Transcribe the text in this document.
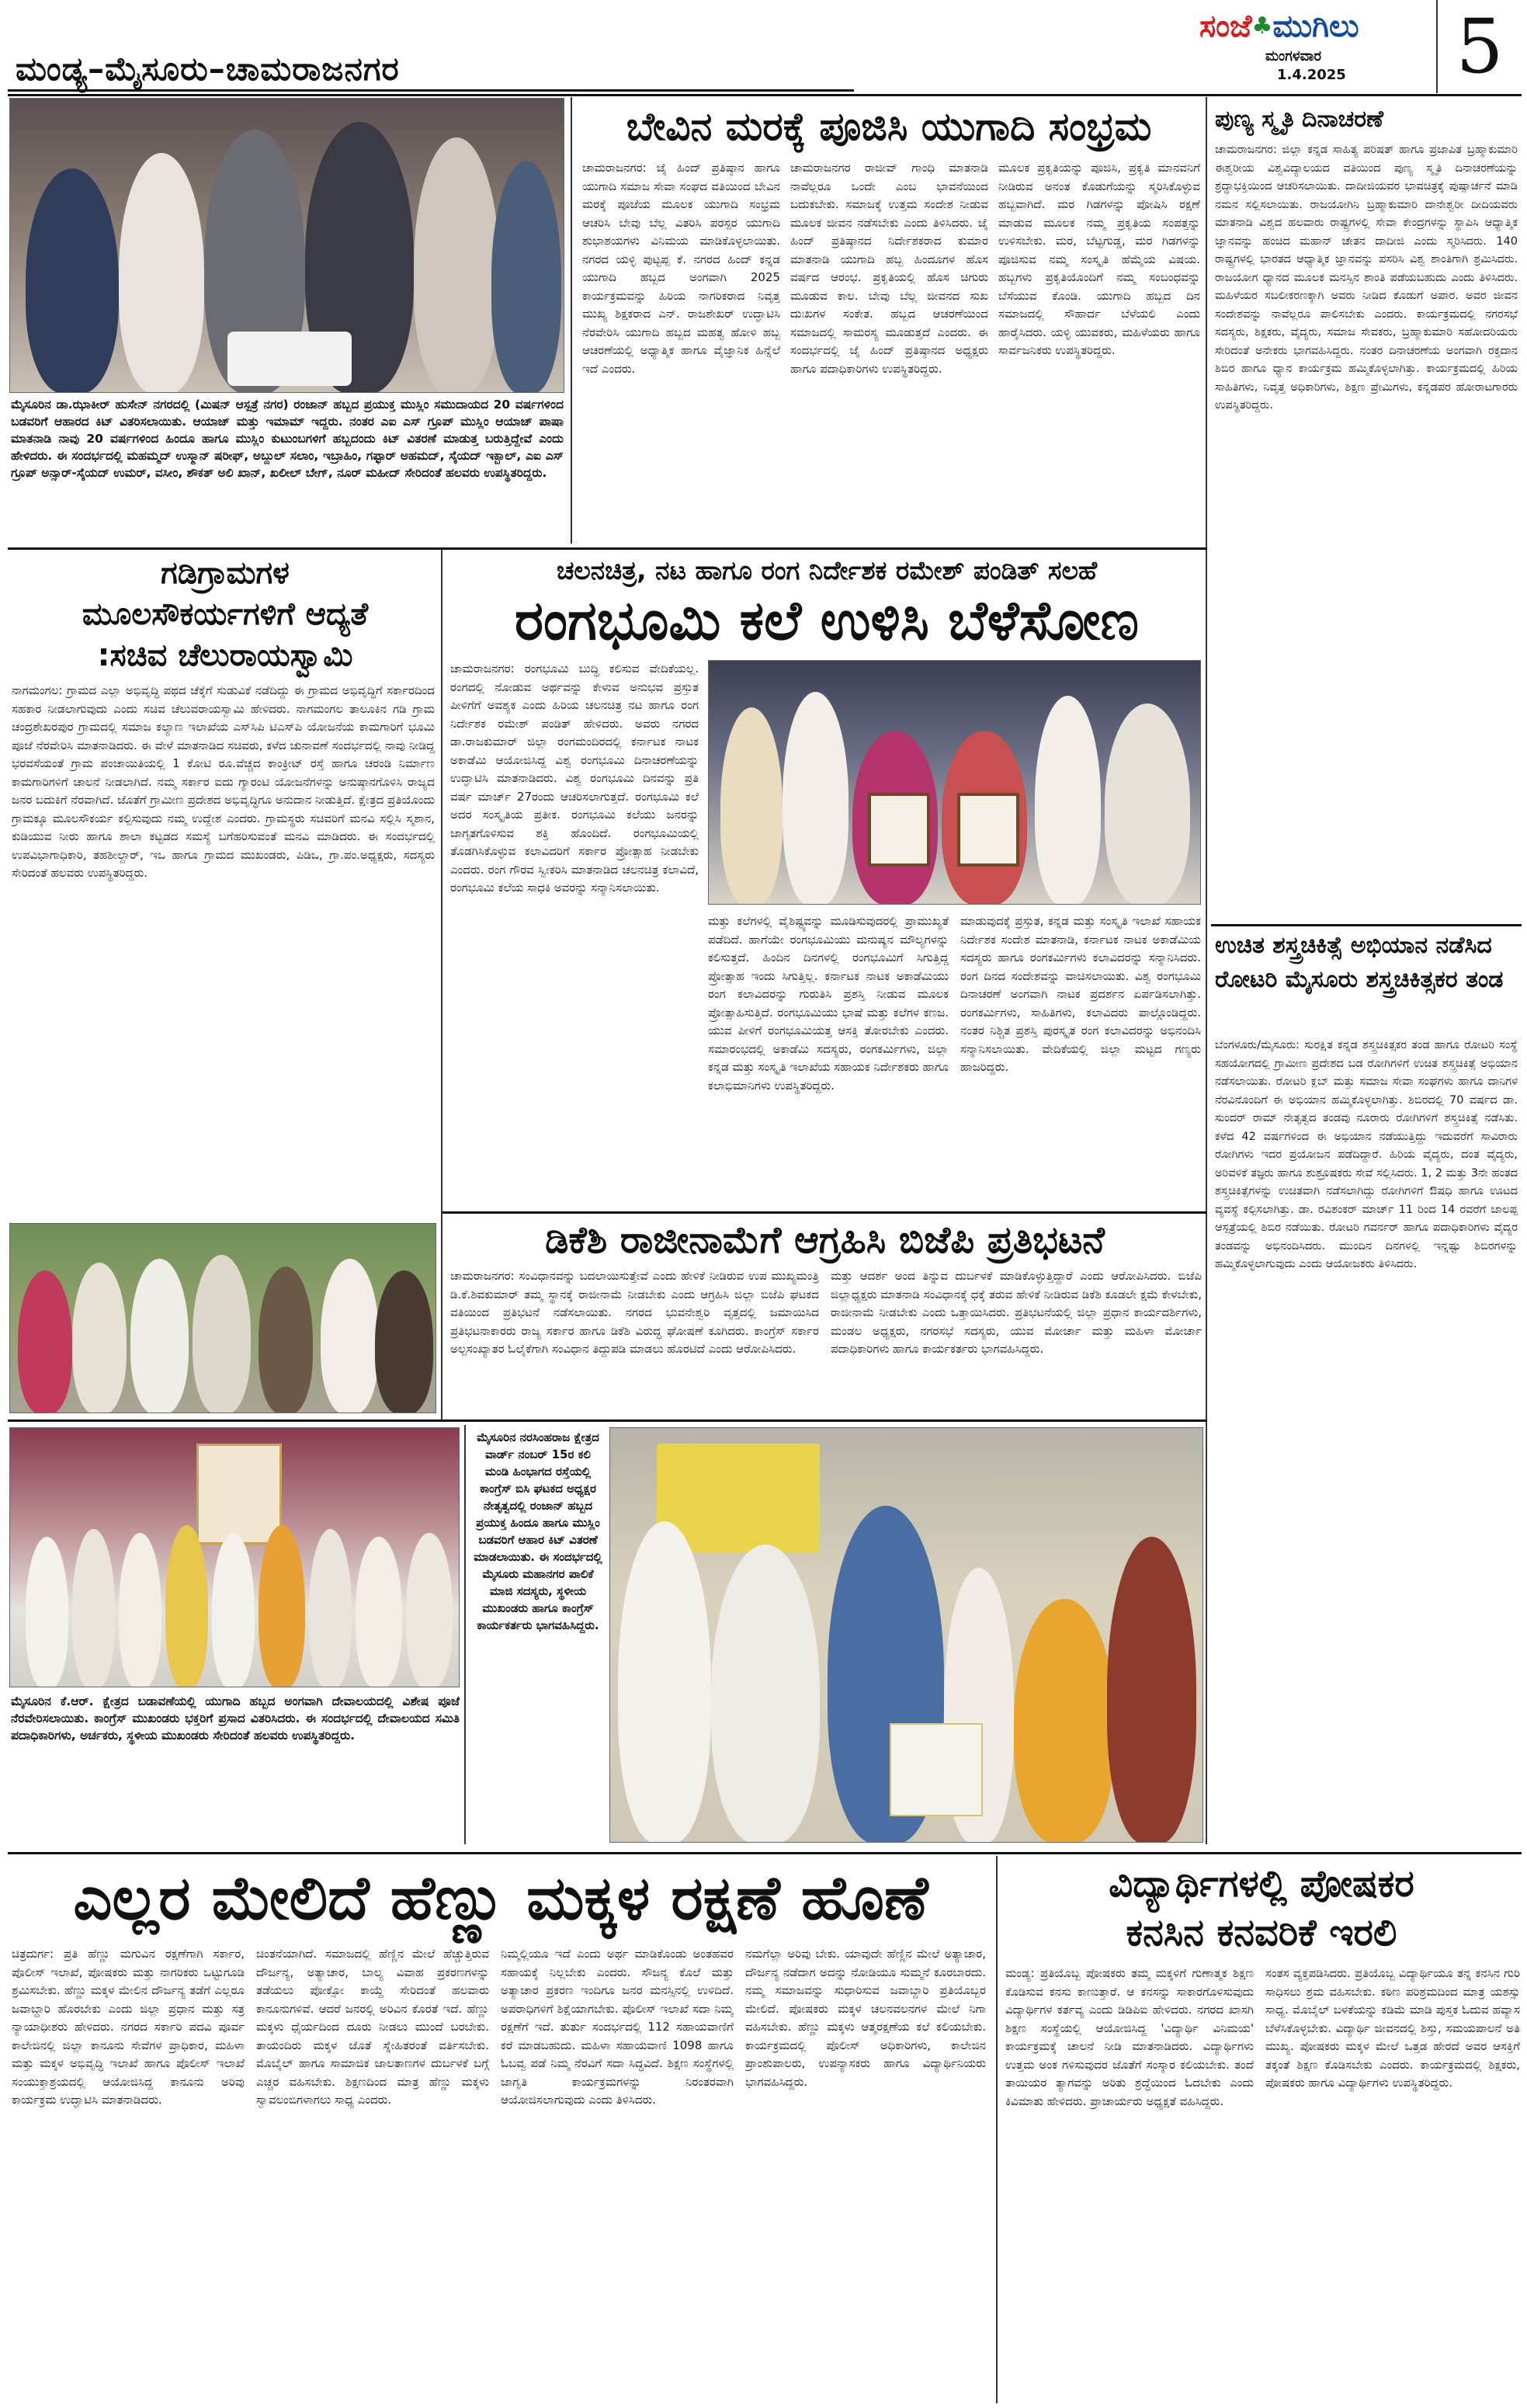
ಮಂಡ್ಯ–ಮೈಸೂರು–ಚಾಮರಾಜನಗರ
ಸಂಜೆ♣ಮುಗಿಲು
ಮಂಗಳವಾರ
1.4.2025 5
ಮೈಸೂರಿನ ಡಾ.ಝಾಕೀರ್ ಹುಸೇನ್ ನಗರದಲ್ಲಿ (ಮಿಷನ್ ಆಸ್ಪತ್ರೆ ನಗರ) ರಂಜಾನ್ ಹಬ್ಬದ ಪ್ರಯುಕ್ತ ಮುಸ್ಲಿಂ ಸಮುದಾಯದ 20 ವರ್ಷಗಳಿಂದ ಬಡವರಿಗೆ ಆಹಾರದ ಕಿಟ್ ವಿತರಿಸಲಾಯಿತು. ಆಯಾಜ್ ಮತ್ತು ಇಮಾಮ್ ಇದ್ದರು. ನಂತರ ಎಐ ಎಸ್ ಗ್ರೂಪ್ ಮುಸ್ಲಿಂ ಆಯಾಜ್ ಪಾಷಾ ಮಾತನಾಡಿ ನಾವು 20 ವರ್ಷಗಳಿಂದ ಹಿಂದೂ ಹಾಗೂ ಮುಸ್ಲಿಂ ಕುಟುಂಬಗಳಿಗೆ ಹಬ್ಬದಂದು ಕಿಟ್ ವಿತರಣೆ ಮಾಡುತ್ತ ಬರುತ್ತಿದ್ದೇವೆ ಎಂದು ಹೇಳಿದರು. ಈ ಸಂದರ್ಭದಲ್ಲಿ ಮಹಮ್ಮದ್ ಉಸ್ಮಾನ್ ಷರೀಫ್, ಅಬ್ದುಲ್ ಸಲಾಂ, ಇಬ್ರಾಹಿಂ, ಗಫ್ಫಾರ್ ಅಹಮದ್, ಸೈಯದ್ ಇಕ್ಬಾಲ್, ಎಐ ಎಸ್ ಗ್ರೂಪ್ ಅನ್ಸಾರ್-ಸೈಯದ್ ಉಮರ್, ವಸೀಂ, ಶೌಕತ್ ಅಲಿ ಖಾನ್, ಖಲೀಲ್ ಬೇಗ್, ನೂರ್ ಮಹೀದ್ ಸೇರಿದಂತೆ ಹಲವರು ಉಪಸ್ಥಿತರಿದ್ದರು.
ಬೇವಿನ ಮರಕ್ಕೆ ಪೂಜಿಸಿ ಯುಗಾದಿ ಸಂಭ್ರಮ
ಚಾಮರಾಜನಗರ: ಜೈ ಹಿಂದ್ ಪ್ರತಿಷ್ಠಾನ ಹಾಗೂ ಯುಗಾದಿ ಸಮಾಜ ಸೇವಾ ಸಂಘದ ವತಿಯಿಂದ ಬೇವಿನ ಮರಕ್ಕೆ ಪೂಜೆಯ ಮೂಲಕ ಯುಗಾದಿ ಸಂಭ್ರಮ ಆಚರಿಸಿ ಬೇವು ಬೆಲ್ಲ ವಿತರಿಸಿ ಪರಸ್ಪರ ಯುಗಾದಿ ಶುಭಾಶಯಗಳು ವಿನಿಮಯ ಮಾಡಿಕೊಳ್ಳಲಾಯಿತು. ನಗರದ ಯಳ್ಳಿ ಪುಟ್ಟಪ್ಪ ಕೆ. ನಗರದ ಹಿಂದ್ ಕನ್ನಡ ಯುಗಾದಿ ಹಬ್ಬದ ಅಂಗವಾಗಿ 2025 ಕಾರ್ಯಕ್ರಮವನ್ನು ಹಿರಿಯ ನಾಗರಿಕರಾದ ನಿವೃತ್ತ ಮುಖ್ಯ ಶಿಕ್ಷಕರಾದ ಎನ್. ರಾಜಶೇಖರ್ ಉದ್ಘಾಟಿಸಿ ನೆರವೇರಿಸಿ ಯುಗಾದಿ ಹಬ್ಬದ ಮಹತ್ವ ಹೋಳಿ ಹಬ್ಬ ಆಚರಣೆಯಲ್ಲಿ ಅಧ್ಯಾತ್ಮಿಕ ಹಾಗೂ ವೈಜ್ಞಾನಿಕ ಹಿನ್ನೆಲೆ ಇದೆ ಎಂದರು.
ಚಾಮರಾಜನಗರ ರಾಜೀವ್ ಗಾಂಧಿ ಮಾತನಾಡಿ ನಾವೆಲ್ಲರೂ ಒಂದೇ ಎಂಬ ಭಾವನೆಯಿಂದ ಬದುಕಬೇಕು. ಸಮಾಜಕ್ಕೆ ಉತ್ತಮ ಸಂದೇಶ ನೀಡುವ ಮೂಲಕ ಜೀವನ ನಡೆಸಬೇಕು ಎಂದು ತಿಳಿಸಿದರು. ಜೈ ಹಿಂದ್ ಪ್ರತಿಷ್ಠಾನದ ನಿರ್ದೇಶಕರಾದ ಕುಮಾರ ಮಾತನಾಡಿ ಯುಗಾದಿ ಹಬ್ಬ ಹಿಂದೂಗಳ ಹೊಸ ವರ್ಷದ ಆರಂಭ. ಪ್ರಕೃತಿಯಲ್ಲಿ ಹೊಸ ಚಿಗುರು ಮೂಡುವ ಕಾಲ. ಬೇವು ಬೆಲ್ಲ ಜೀವನದ ಸುಖ ದುಃಖಗಳ ಸಂಕೇತ. ಹಬ್ಬದ ಆಚರಣೆಯಿಂದ ಸಮಾಜದಲ್ಲಿ ಸಾಮರಸ್ಯ ಮೂಡುತ್ತದೆ ಎಂದರು. ಈ ಸಂದರ್ಭದಲ್ಲಿ ಜೈ ಹಿಂದ್ ಪ್ರತಿಷ್ಠಾನದ ಅಧ್ಯಕ್ಷರು ಹಾಗೂ ಪದಾಧಿಕಾರಿಗಳು ಉಪಸ್ಥಿತರಿದ್ದರು.
ಮೂಲಕ ಪ್ರಕೃತಿಯನ್ನು ಪೂಜಿಸಿ, ಪ್ರಕೃತಿ ಮಾನವನಿಗೆ ನೀಡಿರುವ ಅನಂತ ಕೊಡುಗೆಯನ್ನು ಸ್ಮರಿಸಿಕೊಳ್ಳುವ ಹಬ್ಬವಾಗಿದೆ. ಮರ ಗಿಡಗಳನ್ನು ಪೋಷಿಸಿ ರಕ್ಷಣೆ ಮಾಡುವ ಮೂಲಕ ನಮ್ಮ ಪ್ರಕೃತಿಯ ಸಂಪತ್ತನ್ನು ಉಳಿಸಬೇಕು. ಮರ, ಬೆಟ್ಟಗುಡ್ಡ, ಮರ ಗಿಡಗಳನ್ನು ಪೂಜಿಸುವ ನಮ್ಮ ಸಂಸ್ಕೃತಿ ಹೆಮ್ಮೆಯ ವಿಷಯ. ಹಬ್ಬಗಳು ಪ್ರಕೃತಿಯೊಂದಿಗೆ ನಮ್ಮ ಸಂಬಂಧವನ್ನು ಬೆಸೆಯುವ ಕೊಂಡಿ. ಯುಗಾದಿ ಹಬ್ಬದ ದಿನ ಸಮಾಜದಲ್ಲಿ ಸೌಹಾರ್ದ ಬೆಳೆಯಲಿ ಎಂದು ಹಾರೈಸಿದರು. ಯಳ್ಳಿ ಯುವಕರು, ಮಹಿಳೆಯರು ಹಾಗೂ ಸಾರ್ವಜನಿಕರು ಉಪಸ್ಥಿತರಿದ್ದರು.
ಪುಣ್ಯ ಸ್ಮೃತಿ ದಿನಾಚರಣೆ
ಚಾಮರಾಜನಗರ: ಜಿಲ್ಲಾ ಕನ್ನಡ ಸಾಹಿತ್ಯ ಪರಿಷತ್ ಹಾಗೂ ಪ್ರಜಾಪಿತ ಬ್ರಹ್ಮಾಕುಮಾರಿ ಈಶ್ವರೀಯ ವಿಶ್ವವಿದ್ಯಾಲಯದ ವತಿಯಿಂದ ಪುಣ್ಯ ಸ್ಮೃತಿ ದಿನಾಚರಣೆಯನ್ನು ಶ್ರದ್ಧಾಭಕ್ತಿಯಿಂದ ಆಚರಿಸಲಾಯಿತು. ದಾದೀಜಿಯವರ ಭಾವಚಿತ್ರಕ್ಕೆ ಪುಷ್ಪಾರ್ಚನೆ ಮಾಡಿ ನಮನ ಸಲ್ಲಿಸಲಾಯಿತು. ರಾಜಯೋಗಿನಿ ಬ್ರಹ್ಮಾಕುಮಾರಿ ದಾನೇಶ್ವರೀ ದೀದಿಯವರು ಮಾತನಾಡಿ ವಿಶ್ವದ ಹಲವಾರು ರಾಷ್ಟ್ರಗಳಲ್ಲಿ ಸೇವಾ ಕೇಂದ್ರಗಳನ್ನು ಸ್ಥಾಪಿಸಿ ಆಧ್ಯಾತ್ಮಿಕ ಜ್ಞಾನವನ್ನು ಹಂಚಿದ ಮಹಾನ್ ಚೇತನ ದಾದೀಜಿ ಎಂದು ಸ್ಮರಿಸಿದರು. 140 ರಾಷ್ಟ್ರಗಳಲ್ಲಿ ಭಾರತದ ಆಧ್ಯಾತ್ಮಿಕ ಜ್ಞಾನವನ್ನು ಪಸರಿಸಿ ವಿಶ್ವ ಶಾಂತಿಗಾಗಿ ಶ್ರಮಿಸಿದರು. ರಾಜಯೋಗ ಧ್ಯಾನದ ಮೂಲಕ ಮನಸ್ಸಿನ ಶಾಂತಿ ಪಡೆಯಬಹುದು ಎಂದು ತಿಳಿಸಿದರು. ಮಹಿಳೆಯರ ಸಬಲೀಕರಣಕ್ಕಾಗಿ ಅವರು ನೀಡಿದ ಕೊಡುಗೆ ಅಪಾರ. ಅವರ ಜೀವನ ಸಂದೇಶವನ್ನು ನಾವೆಲ್ಲರೂ ಪಾಲಿಸಬೇಕು ಎಂದರು. ಕಾರ್ಯಕ್ರಮದಲ್ಲಿ ನಗರಸಭೆ ಸದಸ್ಯರು, ಶಿಕ್ಷಕರು, ವೈದ್ಯರು, ಸಮಾಜ ಸೇವಕರು, ಬ್ರಹ್ಮಾಕುಮಾರಿ ಸಹೋದರಿಯರು ಸೇರಿದಂತೆ ಅನೇಕರು ಭಾಗವಹಿಸಿದ್ದರು. ನಂತರ ದಿನಾಚರಣೆಯ ಅಂಗವಾಗಿ ರಕ್ತದಾನ ಶಿಬಿರ ಹಾಗೂ ಧ್ಯಾನ ಕಾರ್ಯಕ್ರಮ ಹಮ್ಮಿಕೊಳ್ಳಲಾಗಿತ್ತು. ಕಾರ್ಯಕ್ರಮದಲ್ಲಿ ಹಿರಿಯ ಸಾಹಿತಿಗಳು, ನಿವೃತ್ತ ಅಧಿಕಾರಿಗಳು, ಶಿಕ್ಷಣ ಪ್ರೇಮಿಗಳು, ಕನ್ನಡಪರ ಹೋರಾಟಗಾರರು ಉಪಸ್ಥಿತರಿದ್ದರು.
ಗಡಿಗ್ರಾಮಗಳ
ಮೂಲಸೌಕರ್ಯಗಳಿಗೆ ಆದ್ಯತೆ
:ಸಚಿವ ಚೆಲುರಾಯಸ್ವಾಮಿ
ನಾಗಮಂಗಲ: ಗ್ರಾಮದ ಎಲ್ಲಾ ಅಭಿವೃದ್ಧಿ ಪಥದ ಚೆಕ್ಕೆಗೆ ಸುಡುವಿಕೆ ನಡೆದಿದ್ದು ಈ ಗ್ರಾಮದ ಅಭಿವೃದ್ಧಿಗೆ ಸರ್ಕಾರದಿಂದ ಸಹಕಾರ ನೀಡಲಾಗುವುದು ಎಂದು ಸಚಿವ ಚೆಲುವರಾಯಸ್ವಾಮಿ ಹೇಳಿದರು. ನಾಗಮಂಗಲ ತಾಲೂಕಿನ ಗಡಿ ಗ್ರಾಮ ಚಂದ್ರಶೇಖರಪುರ ಗ್ರಾಮದಲ್ಲಿ ಸಮಾಜ ಕಲ್ಯಾಣ ಇಲಾಖೆಯ ಎಸ್‌ಸಿಪಿ ಟಿಎಸ್‌ಪಿ ಯೋಜನೆಯ ಕಾಮಗಾರಿಗೆ ಭೂಮಿ ಪೂಜೆ ನೆರವೇರಿಸಿ ಮಾತನಾಡಿದರು. ಈ ವೇಳೆ ಮಾತನಾಡಿದ ಸಚಿವರು, ಕಳೆದ ಚುನಾವಣೆ ಸಂದರ್ಭದಲ್ಲಿ ನಾವು ನೀಡಿದ್ದ ಭರವಸೆಯಂತೆ ಗ್ರಾಮ ಪಂಚಾಯಿತಿಯಲ್ಲಿ 1 ಕೋಟಿ ರೂ.ವೆಚ್ಚದ ಕಾಂಕ್ರೀಟ್ ರಸ್ತೆ ಹಾಗೂ ಚರಂಡಿ ನಿರ್ಮಾಣ ಕಾಮಗಾರಿಗಳಿಗೆ ಚಾಲನೆ ನೀಡಲಾಗಿದೆ. ನಮ್ಮ ಸರ್ಕಾರ ಐದು ಗ್ಯಾರಂಟಿ ಯೋಜನೆಗಳನ್ನು ಅನುಷ್ಠಾನಗೊಳಿಸಿ ರಾಜ್ಯದ ಜನರ ಬದುಕಿಗೆ ನೆರವಾಗಿದೆ. ಜೊತೆಗೆ ಗ್ರಾಮೀಣ ಪ್ರದೇಶದ ಅಭಿವೃದ್ಧಿಗೂ ಅನುದಾನ ನೀಡುತ್ತಿದೆ. ಕ್ಷೇತ್ರದ ಪ್ರತಿಯೊಂದು ಗ್ರಾಮಕ್ಕೂ ಮೂಲಸೌಕರ್ಯ ಕಲ್ಪಿಸುವುದು ನಮ್ಮ ಉದ್ದೇಶ ಎಂದರು. ಗ್ರಾಮಸ್ಥರು ಸಚಿವರಿಗೆ ಮನವಿ ಸಲ್ಲಿಸಿ ಸ್ಮಶಾನ, ಕುಡಿಯುವ ನೀರು ಹಾಗೂ ಶಾಲಾ ಕಟ್ಟಡದ ಸಮಸ್ಯೆ ಬಗೆಹರಿಸುವಂತೆ ಮನವಿ ಮಾಡಿದರು. ಈ ಸಂದರ್ಭದಲ್ಲಿ ಉಪವಿಭಾಗಾಧಿಕಾರಿ, ತಹಶೀಲ್ದಾರ್, ಇಒ ಹಾಗೂ ಗ್ರಾಮದ ಮುಖಂಡರು, ಪಿಡಿಒ, ಗ್ರಾ.ಪಂ.ಅಧ್ಯಕ್ಷರು, ಸದಸ್ಯರು ಸೇರಿದಂತೆ ಹಲವರು ಉಪಸ್ಥಿತರಿದ್ದರು.
ಚಲನಚಿತ್ರ, ನಟ ಹಾಗೂ ರಂಗ ನಿರ್ದೇಶಕ ರಮೇಶ್ ಪಂಡಿತ್ ಸಲಹೆ
ರಂಗಭೂಮಿ ಕಲೆ ಉಳಿಸಿ ಬೆಳೆಸೋಣ
ಚಾಮರಾಜನಗರ: ರಂಗಭೂಮಿ ಬುದ್ಧಿ ಕಲಿಸುವ ವೇದಿಕೆಯಲ್ಲ. ರಂಗದಲ್ಲಿ ನೋಡುವ ಅರ್ಥವನ್ನು ಕೇಳುವ ಅನುಭವ ಪ್ರಸ್ತುತ ಪೀಳಿಗೆಗೆ ಅವಶ್ಯಕ ಎಂದು ಹಿರಿಯ ಚಲನಚಿತ್ರ ನಟ ಹಾಗೂ ರಂಗ ನಿರ್ದೇಶಕ ರಮೇಶ್ ಪಂಡಿತ್ ಹೇಳಿದರು. ಅವರು ನಗರದ ಡಾ.ರಾಜಕುಮಾರ್ ಜಿಲ್ಲಾ ರಂಗಮಂದಿರದಲ್ಲಿ ಕರ್ನಾಟಕ ನಾಟಕ ಅಕಾಡೆಮಿ ಆಯೋಜಿಸಿದ್ದ ವಿಶ್ವ ರಂಗಭೂಮಿ ದಿನಾಚರಣೆಯನ್ನು ಉದ್ಘಾಟಿಸಿ ಮಾತನಾಡಿದರು. ವಿಶ್ವ ರಂಗಭೂಮಿ ದಿನವನ್ನು ಪ್ರತಿ ವರ್ಷ ಮಾರ್ಚ್ 27ರಂದು ಆಚರಿಸಲಾಗುತ್ತದೆ. ರಂಗಭೂಮಿ ಕಲೆ ಅದರ ಸಂಸ್ಕೃತಿಯ ಪ್ರತೀಕ. ರಂಗಭೂಮಿ ಕಲೆಯು ಜನರನ್ನು ಜಾಗೃತಗೊಳಿಸುವ ಶಕ್ತಿ ಹೊಂದಿದೆ. ರಂಗಭೂಮಿಯಲ್ಲಿ ತೊಡಗಿಸಿಕೊಳ್ಳುವ ಕಲಾವಿದರಿಗೆ ಸರ್ಕಾರ ಪ್ರೋತ್ಸಾಹ ನೀಡಬೇಕು ಎಂದರು. ರಂಗ ಗೌರವ ಸ್ವೀಕರಿಸಿ ಮಾತನಾಡಿದ ಚಲನಚಿತ್ರ ಕಲಾವಿದೆ, ರಂಗಭೂಮಿ ಕಲೆಯ ಸಾಧಕಿ ಅವರನ್ನು ಸನ್ಮಾನಿಸಲಾಯಿತು.
ಮತ್ತು ಕಲೆಗಳಲ್ಲಿ ವೈಶಿಷ್ಟ್ಯವನ್ನು ಮೂಡಿಸುವುದರಲ್ಲಿ ಪ್ರಾಮುಖ್ಯತೆ ಪಡೆದಿದೆ. ಹಾಗೆಯೇ ರಂಗಭೂಮಿಯು ಮನುಷ್ಯನ ಮೌಲ್ಯಗಳನ್ನು ಕಲಿಸುತ್ತದೆ. ಹಿಂದಿನ ದಿನಗಳಲ್ಲಿ ರಂಗಭೂಮಿಗೆ ಸಿಗುತ್ತಿದ್ದ ಪ್ರೋತ್ಸಾಹ ಇಂದು ಸಿಗುತ್ತಿಲ್ಲ. ಕರ್ನಾಟಕ ನಾಟಕ ಅಕಾಡೆಮಿಯು ರಂಗ ಕಲಾವಿದರನ್ನು ಗುರುತಿಸಿ ಪ್ರಶಸ್ತಿ ನೀಡುವ ಮೂಲಕ ಪ್ರೋತ್ಸಾಹಿಸುತ್ತಿದೆ. ರಂಗಭೂಮಿಯು ಭಾಷೆ ಮತ್ತು ಕಲೆಗಳ ಕಣಜ. ಯುವ ಪೀಳಿಗೆ ರಂಗಭೂಮಿಯತ್ತ ಆಸಕ್ತಿ ತೋರಬೇಕು ಎಂದರು. ಸಮಾರಂಭದಲ್ಲಿ ಅಕಾಡೆಮಿ ಸದಸ್ಯರು, ರಂಗಕರ್ಮಿಗಳು, ಜಿಲ್ಲಾ ಕನ್ನಡ ಮತ್ತು ಸಂಸ್ಕೃತಿ ಇಲಾಖೆಯ ಸಹಾಯಕ ನಿರ್ದೇಶಕರು ಹಾಗೂ ಕಲಾಭಿಮಾನಿಗಳು ಉಪಸ್ಥಿತರಿದ್ದರು.
ಮಾಡುವುದಕ್ಕೆ ಪ್ರಸ್ತುತ, ಕನ್ನಡ ಮತ್ತು ಸಂಸ್ಕೃತಿ ಇಲಾಖೆ ಸಹಾಯಕ ನಿರ್ದೇಶಕ ಸಂದೇಶ ಮಾತನಾಡಿ, ಕರ್ನಾಟಕ ನಾಟಕ ಅಕಾಡೆಮಿಯ ಸದಸ್ಯರು ಹಾಗೂ ರಂಗಕರ್ಮಿಗಳು ಕಲಾವಿದರನ್ನು ಸನ್ಮಾನಿಸಿದರು. ರಂಗ ದಿನದ ಸಂದೇಶವನ್ನು ವಾಚಿಸಲಾಯಿತು. ವಿಶ್ವ ರಂಗಭೂಮಿ ದಿನಾಚರಣೆ ಅಂಗವಾಗಿ ನಾಟಕ ಪ್ರದರ್ಶನ ಏರ್ಪಡಿಸಲಾಗಿತ್ತು. ರಂಗಕರ್ಮಿಗಳು, ಸಾಹಿತಿಗಳು, ಕಲಾವಿದರು ಪಾಲ್ಗೊಂಡಿದ್ದರು. ನಂತರ ನಿಶ್ಚಿತ ಪ್ರಶಸ್ತಿ ಪುರಸ್ಕೃತ ರಂಗ ಕಲಾವಿದರನ್ನು ಅಭಿನಂದಿಸಿ ಸನ್ಮಾನಿಸಲಾಯಿತು. ವೇದಿಕೆಯಲ್ಲಿ ಜಿಲ್ಲಾ ಮಟ್ಟದ ಗಣ್ಯರು ಹಾಜರಿದ್ದರು.
ಡಿಕೆಶಿ ರಾಜೀನಾಮೆಗೆ ಆಗ್ರಹಿಸಿ ಬಿಜೆಪಿ ಪ್ರತಿಭಟನೆ
ಚಾಮರಾಜನಗರ: ಸಂವಿಧಾನವನ್ನು ಬದಲಾಯಿಸುತ್ತೇವೆ ಎಂದು ಹೇಳಿಕೆ ನೀಡಿರುವ ಉಪ ಮುಖ್ಯಮಂತ್ರಿ ಡಿ.ಕೆ.ಶಿವಕುಮಾರ್ ತಮ್ಮ ಸ್ಥಾನಕ್ಕೆ ರಾಜೀನಾಮೆ ನೀಡಬೇಕು ಎಂದು ಆಗ್ರಹಿಸಿ ಜಿಲ್ಲಾ ಬಿಜೆಪಿ ಘಟಕದ ವತಿಯಿಂದ ಪ್ರತಿಭಟನೆ ನಡೆಸಲಾಯಿತು. ನಗರದ ಭುವನೇಶ್ವರಿ ವೃತ್ತದಲ್ಲಿ ಜಮಾಯಿಸಿದ ಪ್ರತಿಭಟನಾಕಾರರು ರಾಜ್ಯ ಸರ್ಕಾರ ಹಾಗೂ ಡಿಕೆಶಿ ವಿರುದ್ಧ ಘೋಷಣೆ ಕೂಗಿದರು. ಕಾಂಗ್ರೆಸ್ ಸರ್ಕಾರ ಅಲ್ಪಸಂಖ್ಯಾತರ ಓಲೈಕೆಗಾಗಿ ಸಂವಿಧಾನ ತಿದ್ದುಪಡಿ ಮಾಡಲು ಹೊರಟಿದೆ ಎಂದು ಆರೋಪಿಸಿದರು.
ಮತ್ತು ಆದರ್ಶ ಅಂದ ತಿನ್ನುವ ದುರ್ಬಳಕೆ ಮಾಡಿಕೊಳ್ಳುತ್ತಿದ್ದಾರೆ ಎಂದು ಆರೋಪಿಸಿದರು. ಬಿಜೆಪಿ ಜಿಲ್ಲಾಧ್ಯಕ್ಷರು ಮಾತನಾಡಿ ಸಂವಿಧಾನಕ್ಕೆ ಧಕ್ಕೆ ತರುವ ಹೇಳಿಕೆ ನೀಡಿರುವ ಡಿಕೆಶಿ ಕೂಡಲೇ ಕ್ಷಮೆ ಕೇಳಬೇಕು, ರಾಜೀನಾಮೆ ನೀಡಬೇಕು ಎಂದು ಒತ್ತಾಯಿಸಿದರು. ಪ್ರತಿಭಟನೆಯಲ್ಲಿ ಜಿಲ್ಲಾ ಪ್ರಧಾನ ಕಾರ್ಯದರ್ಶಿಗಳು, ಮಂಡಲ ಅಧ್ಯಕ್ಷರು, ನಗರಸಭೆ ಸದಸ್ಯರು, ಯುವ ಮೋರ್ಚಾ ಮತ್ತು ಮಹಿಳಾ ಮೋರ್ಚಾ ಪದಾಧಿಕಾರಿಗಳು ಹಾಗೂ ಕಾರ್ಯಕರ್ತರು ಭಾಗವಹಿಸಿದ್ದರು.
ಮೈಸೂರಿನ ಕೆ.ಆರ್. ಕ್ಷೇತ್ರದ ಬಡಾವಣೆಯಲ್ಲಿ ಯುಗಾದಿ ಹಬ್ಬದ ಅಂಗವಾಗಿ ದೇವಾಲಯದಲ್ಲಿ ವಿಶೇಷ ಪೂಜೆ ನೆರವೇರಿಸಲಾಯಿತು. ಕಾಂಗ್ರೆಸ್ ಮುಖಂಡರು ಭಕ್ತರಿಗೆ ಪ್ರಸಾದ ವಿತರಿಸಿದರು. ಈ ಸಂದರ್ಭದಲ್ಲಿ ದೇವಾಲಯದ ಸಮಿತಿ ಪದಾಧಿಕಾರಿಗಳು, ಅರ್ಚಕರು, ಸ್ಥಳೀಯ ಮುಖಂಡರು ಸೇರಿದಂತೆ ಹಲವರು ಉಪಸ್ಥಿತರಿದ್ದರು.
ಮೈಸೂರಿನ ನರಸಿಂಹರಾಜ ಕ್ಷೇತ್ರದ ವಾರ್ಡ್ ನಂಬರ್ 15ರ ಕಲಿ ಮಂಡಿ ಹಿಂಭಾಗದ ರಸ್ತೆಯಲ್ಲಿ ಕಾಂಗ್ರೆಸ್ ಬಿಸಿ ಘಟಕದ ಅಧ್ಯಕ್ಷರ ನೇತೃತ್ವದಲ್ಲಿ ರಂಜಾನ್ ಹಬ್ಬದ ಪ್ರಯುಕ್ತ ಹಿಂದೂ ಹಾಗೂ ಮುಸ್ಲಿಂ ಬಡವರಿಗೆ ಆಹಾರ ಕಿಟ್ ವಿತರಣೆ ಮಾಡಲಾಯಿತು. ಈ ಸಂದರ್ಭದಲ್ಲಿ ಮೈಸೂರು ಮಹಾನಗರ ಪಾಲಿಕೆ ಮಾಜಿ ಸದಸ್ಯರು, ಸ್ಥಳೀಯ ಮುಖಂಡರು ಹಾಗೂ ಕಾಂಗ್ರೆಸ್ ಕಾರ್ಯಕರ್ತರು ಭಾಗವಹಿಸಿದ್ದರು.
ಉಚಿತ ಶಸ್ತ್ರಚಿಕಿತ್ಸೆ ಅಭಿಯಾನ ನಡೆಸಿದ ರೋಟರಿ ಮೈಸೂರು ಶಸ್ತ್ರಚಿಕಿತ್ಸಕರ ತಂಡ
ಬೆಂಗಳೂರು/ಮೈಸೂರು: ಸುರಕ್ಷಿತ ಕನ್ನಡ ಶಸ್ತ್ರಚಿಕಿತ್ಸಕರ ತಂಡ ಹಾಗೂ ರೋಟರಿ ಸಂಸ್ಥೆ ಸಹಯೋಗದಲ್ಲಿ ಗ್ರಾಮೀಣ ಪ್ರದೇಶದ ಬಡ ರೋಗಿಗಳಿಗೆ ಉಚಿತ ಶಸ್ತ್ರಚಿಕಿತ್ಸೆ ಅಭಿಯಾನ ನಡೆಸಲಾಯಿತು. ರೋಟರಿ ಕ್ಲಬ್ ಮತ್ತು ಸಮಾಜ ಸೇವಾ ಸಂಘಗಳು ಹಾಗೂ ದಾನಿಗಳ ನೆರವಿನೊಂದಿಗೆ ಈ ಅಭಿಯಾನ ಹಮ್ಮಿಕೊಳ್ಳಲಾಗಿತ್ತು. ಶಿಬಿರದಲ್ಲಿ 70 ವರ್ಷದ ಡಾ. ಸುಂದರ್ ರಾಮ್ ನೇತೃತ್ವದ ತಂಡವು ನೂರಾರು ರೋಗಿಗಳಿಗೆ ಶಸ್ತ್ರಚಿಕಿತ್ಸೆ ನಡೆಸಿತು. ಕಳೆದ 42 ವರ್ಷಗಳಿಂದ ಈ ಅಭಿಯಾನ ನಡೆಯುತ್ತಿದ್ದು ಇದುವರೆಗೆ ಸಾವಿರಾರು ರೋಗಿಗಳು ಇದರ ಪ್ರಯೋಜನ ಪಡೆದಿದ್ದಾರೆ. ಹಿರಿಯ ವೈದ್ಯರು, ದಂತ ವೈದ್ಯರು, ಅರಿವಳಿಕೆ ತಜ್ಞರು ಹಾಗೂ ಶುಶ್ರೂಷಕರು ಸೇವೆ ಸಲ್ಲಿಸಿದರು. 1, 2 ಮತ್ತು 3ನೇ ಹಂತದ ಶಸ್ತ್ರಚಿಕಿತ್ಸೆಗಳನ್ನು ಉಚಿತವಾಗಿ ನಡೆಸಲಾಗಿದ್ದು ರೋಗಿಗಳಿಗೆ ಔಷಧಿ ಹಾಗೂ ಊಟದ ವ್ಯವಸ್ಥೆ ಕಲ್ಪಿಸಲಾಗಿತ್ತು. ಡಾ. ರವಿಶಂಕರ್ ಮಾರ್ಚ್ 11 ರಿಂದ 14 ರವರೆಗೆ ಜಾಲಪ್ಪ ಆಸ್ಪತ್ರೆಯಲ್ಲಿ ಶಿಬಿರ ನಡೆಯಿತು. ರೋಟರಿ ಗವರ್ನರ್ ಹಾಗೂ ಪದಾಧಿಕಾರಿಗಳು ವೈದ್ಯರ ತಂಡವನ್ನು ಅಭಿನಂದಿಸಿದರು. ಮುಂದಿನ ದಿನಗಳಲ್ಲಿ ಇನ್ನಷ್ಟು ಶಿಬಿರಗಳನ್ನು ಹಮ್ಮಿಕೊಳ್ಳಲಾಗುವುದು ಎಂದು ಆಯೋಜಕರು ತಿಳಿಸಿದರು.
ಎಲ್ಲರ ಮೇಲಿದೆ ಹೆಣ್ಣು ಮಕ್ಕಳ ರಕ್ಷಣೆ ಹೊಣೆ
ಚಿತ್ರದುರ್ಗ: ಪ್ರತಿ ಹೆಣ್ಣು ಮಗುವಿನ ರಕ್ಷಣೆಗಾಗಿ ಸರ್ಕಾರ, ಪೊಲೀಸ್ ಇಲಾಖೆ, ಪೋಷಕರು ಮತ್ತು ನಾಗರಿಕರು ಒಟ್ಟುಗೂಡಿ ಶ್ರಮಿಸಬೇಕು. ಹೆಣ್ಣು ಮಕ್ಕಳ ಮೇಲಿನ ದೌರ್ಜನ್ಯ ತಡೆಗೆ ಎಲ್ಲರೂ ಜವಾಬ್ದಾರಿ ಹೊರಬೇಕು ಎಂದು ಜಿಲ್ಲಾ ಪ್ರಧಾನ ಮತ್ತು ಸತ್ರ ನ್ಯಾಯಾಧೀಶರು ಹೇಳಿದರು. ನಗರದ ಸರ್ಕಾರಿ ಪದವಿ ಪೂರ್ವ ಕಾಲೇಜಿನಲ್ಲಿ ಜಿಲ್ಲಾ ಕಾನೂನು ಸೇವೆಗಳ ಪ್ರಾಧಿಕಾರ, ಮಹಿಳಾ ಮತ್ತು ಮಕ್ಕಳ ಅಭಿವೃದ್ಧಿ ಇಲಾಖೆ ಹಾಗೂ ಪೊಲೀಸ್ ಇಲಾಖೆ ಸಂಯುಕ್ತಾಶ್ರಯದಲ್ಲಿ ಆಯೋಜಿಸಿದ್ದ ಕಾನೂನು ಅರಿವು ಕಾರ್ಯಕ್ರಮ ಉದ್ಘಾಟಿಸಿ ಮಾತನಾಡಿದರು.
ಚಿಂತನೆಯಾಗಿದೆ. ಸಮಾಜದಲ್ಲಿ ಹೆಣ್ಣಿನ ಮೇಲೆ ಹೆಚ್ಚುತ್ತಿರುವ ದೌರ್ಜನ್ಯ, ಅತ್ಯಾಚಾರ, ಬಾಲ್ಯ ವಿವಾಹ ಪ್ರಕರಣಗಳನ್ನು ತಡೆಯಲು ಪೋಕ್ಸೋ ಕಾಯ್ದೆ ಸೇರಿದಂತೆ ಹಲವಾರು ಕಾನೂನುಗಳಿವೆ. ಆದರೆ ಜನರಲ್ಲಿ ಅರಿವಿನ ಕೊರತೆ ಇದೆ. ಹೆಣ್ಣು ಮಕ್ಕಳು ಧೈರ್ಯದಿಂದ ದೂರು ನೀಡಲು ಮುಂದೆ ಬರಬೇಕು. ತಾಯಂದಿರು ಮಕ್ಕಳ ಜೊತೆ ಸ್ನೇಹಿತರಂತೆ ವರ್ತಿಸಬೇಕು. ಮೊಬೈಲ್ ಹಾಗೂ ಸಾಮಾಜಿಕ ಜಾಲತಾಣಗಳ ದುರ್ಬಳಕೆ ಬಗ್ಗೆ ಎಚ್ಚರ ವಹಿಸಬೇಕು. ಶಿಕ್ಷಣದಿಂದ ಮಾತ್ರ ಹೆಣ್ಣು ಮಕ್ಕಳು ಸ್ವಾವಲಂಬಿಗಳಾಗಲು ಸಾಧ್ಯ ಎಂದರು.
ನಿಮ್ಮಲ್ಲಿಯೂ ಇದೆ ಎಂದು ಅರ್ಥ ಮಾಡಿಕೊಂಡು ಅಂತಹವರ ಸಹಾಯಕ್ಕೆ ನಿಲ್ಲಬೇಕು ಎಂದರು. ಸೌಜನ್ಯ ಕೊಲೆ ಮತ್ತು ಅತ್ಯಾಚಾರ ಪ್ರಕರಣ ಇಂದಿಗೂ ಜನರ ಮನಸ್ಸಿನಲ್ಲಿ ಉಳಿದಿದೆ. ಅಪರಾಧಿಗಳಿಗೆ ಶಿಕ್ಷೆಯಾಗಬೇಕು. ಪೊಲೀಸ್ ಇಲಾಖೆ ಸದಾ ನಿಮ್ಮ ರಕ್ಷಣೆಗೆ ಇದೆ. ತುರ್ತು ಸಂದರ್ಭದಲ್ಲಿ 112 ಸಹಾಯವಾಣಿಗೆ ಕರೆ ಮಾಡಬಹುದು. ಮಹಿಳಾ ಸಹಾಯವಾಣಿ 1098 ಹಾಗೂ ಓಬವ್ವ ಪಡೆ ನಿಮ್ಮ ನೆರವಿಗೆ ಸದಾ ಸಿದ್ಧವಿದೆ. ಶಿಕ್ಷಣ ಸಂಸ್ಥೆಗಳಲ್ಲಿ ಜಾಗೃತಿ ಕಾರ್ಯಕ್ರಮಗಳನ್ನು ನಿರಂತರವಾಗಿ ಆಯೋಜಿಸಲಾಗುವುದು ಎಂದು ತಿಳಿಸಿದರು.
ನಮಗೆಲ್ಲಾ ಅರಿವು ಬೇಕು. ಯಾವುದೇ ಹೆಣ್ಣಿನ ಮೇಲೆ ಅತ್ಯಾಚಾರ, ದೌರ್ಜನ್ಯ ನಡೆದಾಗ ಅದನ್ನು ನೋಡಿಯೂ ಸುಮ್ಮನೆ ಕೂರಬಾರದು. ನಮ್ಮ ಸಮಾಜವನ್ನು ಸುಧಾರಿಸುವ ಜವಾಬ್ದಾರಿ ಪ್ರತಿಯೊಬ್ಬರ ಮೇಲಿದೆ. ಪೋಷಕರು ಮಕ್ಕಳ ಚಲನವಲನಗಳ ಮೇಲೆ ನಿಗಾ ವಹಿಸಬೇಕು. ಹೆಣ್ಣು ಮಕ್ಕಳು ಆತ್ಮರಕ್ಷಣೆಯ ಕಲೆ ಕಲಿಯಬೇಕು. ಕಾರ್ಯಕ್ರಮದಲ್ಲಿ ಪೊಲೀಸ್ ಅಧಿಕಾರಿಗಳು, ಕಾಲೇಜಿನ ಪ್ರಾಂಶುಪಾಲರು, ಉಪನ್ಯಾಸಕರು ಹಾಗೂ ವಿದ್ಯಾರ್ಥಿನಿಯರು ಭಾಗವಹಿಸಿದ್ದರು.
ವಿದ್ಯಾರ್ಥಿಗಳಲ್ಲಿ ಪೋಷಕರ
ಕನಸಿನ ಕನವರಿಕೆ ಇರಲಿ
ಮಂಡ್ಯ: ಪ್ರತಿಯೊಬ್ಬ ಪೋಷಕರು ತಮ್ಮ ಮಕ್ಕಳಿಗೆ ಗುಣಾತ್ಮಕ ಶಿಕ್ಷಣ ಕೊಡಿಸುವ ಕನಸು ಕಾಣುತ್ತಾರೆ. ಆ ಕನಸನ್ನು ಸಾಕಾರಗೊಳಿಸುವುದು ವಿದ್ಯಾರ್ಥಿಗಳ ಕರ್ತವ್ಯ ಎಂದು ಡಿಡಿಪಿಐ ಹೇಳಿದರು. ನಗರದ ಖಾಸಗಿ ಶಿಕ್ಷಣ ಸಂಸ್ಥೆಯಲ್ಲಿ ಆಯೋಜಿಸಿದ್ದ 'ವಿದ್ಯಾರ್ಥಿ ವಿನಿಮಯ' ಕಾರ್ಯಕ್ರಮಕ್ಕೆ ಚಾಲನೆ ನೀಡಿ ಮಾತನಾಡಿದರು. ವಿದ್ಯಾರ್ಥಿಗಳು ಉತ್ತಮ ಅಂಕ ಗಳಿಸುವುದರ ಜೊತೆಗೆ ಸಂಸ್ಕಾರ ಕಲಿಯಬೇಕು. ತಂದೆ ತಾಯಿಯರ ತ್ಯಾಗವನ್ನು ಅರಿತು ಶ್ರದ್ಧೆಯಿಂದ ಓದಬೇಕು ಎಂದು ಕಿವಿಮಾತು ಹೇಳಿದರು. ಪ್ರಾಚಾರ್ಯರು ಅಧ್ಯಕ್ಷತೆ ವಹಿಸಿದ್ದರು.
ಸಂತಸ ವ್ಯಕ್ತಪಡಿಸಿದರು. ಪ್ರತಿಯೊಬ್ಬ ವಿದ್ಯಾರ್ಥಿಯೂ ತನ್ನ ಕನಸಿನ ಗುರಿ ಸಾಧಿಸಲು ಶ್ರಮ ವಹಿಸಬೇಕು. ಕಠಿಣ ಪರಿಶ್ರಮದಿಂದ ಮಾತ್ರ ಯಶಸ್ಸು ಸಾಧ್ಯ. ಮೊಬೈಲ್ ಬಳಕೆಯನ್ನು ಕಡಿಮೆ ಮಾಡಿ ಪುಸ್ತಕ ಓದುವ ಹವ್ಯಾಸ ಬೆಳೆಸಿಕೊಳ್ಳಬೇಕು. ವಿದ್ಯಾರ್ಥಿ ಜೀವನದಲ್ಲಿ ಶಿಸ್ತು, ಸಮಯಪಾಲನೆ ಅತಿ ಮುಖ್ಯ. ಪೋಷಕರು ಮಕ್ಕಳ ಮೇಲೆ ಒತ್ತಡ ಹೇರದೆ ಅವರ ಆಸಕ್ತಿಗೆ ತಕ್ಕಂತೆ ಶಿಕ್ಷಣ ಕೊಡಿಸಬೇಕು ಎಂದರು. ಕಾರ್ಯಕ್ರಮದಲ್ಲಿ ಶಿಕ್ಷಕರು, ಪೋಷಕರು ಹಾಗೂ ವಿದ್ಯಾರ್ಥಿಗಳು ಉಪಸ್ಥಿತರಿದ್ದರು.
